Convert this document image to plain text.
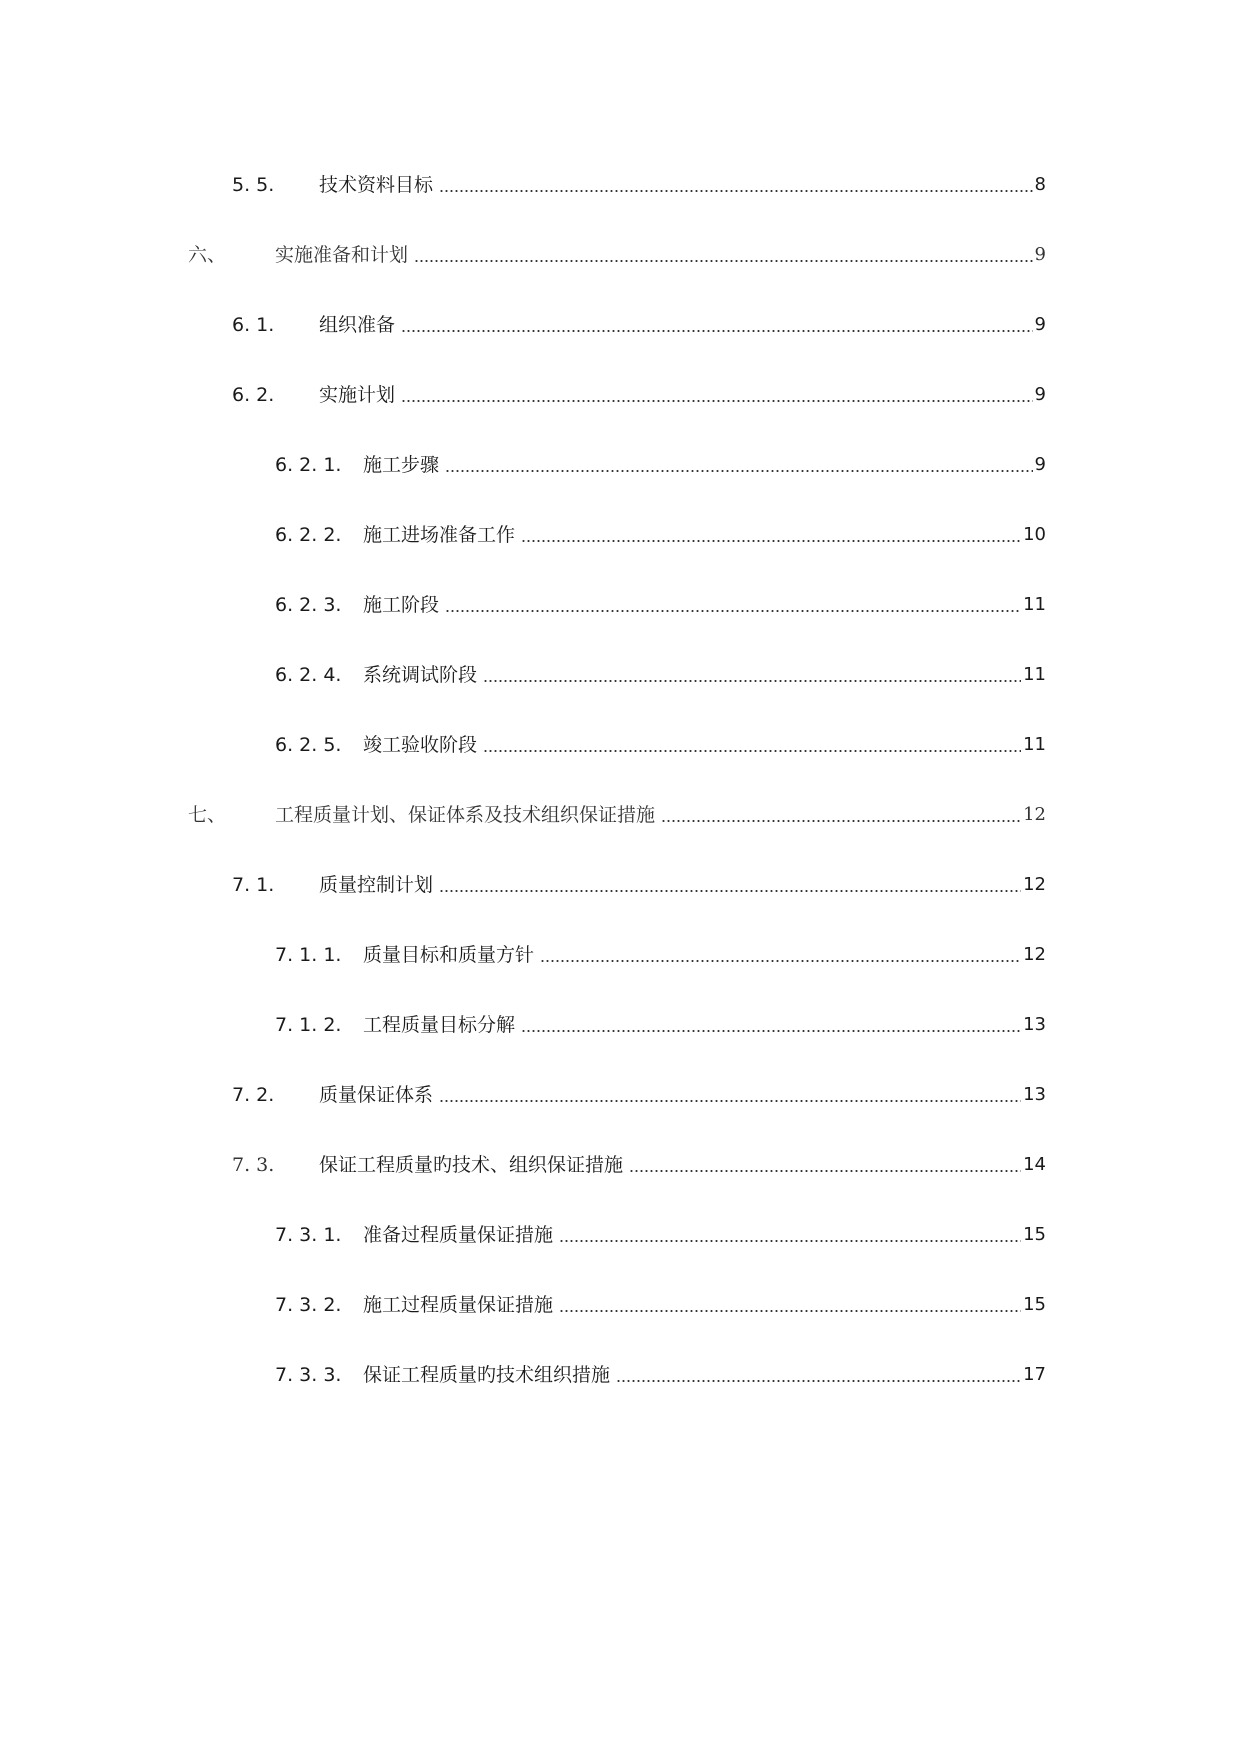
5. 5. 技术资料目标	8
六、	实施准备和计划	9
6. 1. 组织准备	9
6. 2. 实施计划	9
6. 2. 1. 施工步骤	9
6. 2. 2. 施工进场准备工作	10
6. 2. 3. 施工阶段	11
6. 2. 4. 系统调试阶段	11
6. 2. 5. 竣工验收阶段	11
七、	工程质量计划、保证体系及技术组织保证措施	12
7. 1. 质量控制计划	12
7. 1. 1. 质量目标和质量方针	12
7. 1. 2. 工程质量目标分解	13
7. 2. 质量保证体系	13
7. 3. 保证工程质量旳技术、组织保证措施	14
7. 3. 1. 准备过程质量保证措施	15
7. 3. 2. 施工过程质量保证措施	15
7. 3. 3. 保证工程质量旳技术组织措施	17
